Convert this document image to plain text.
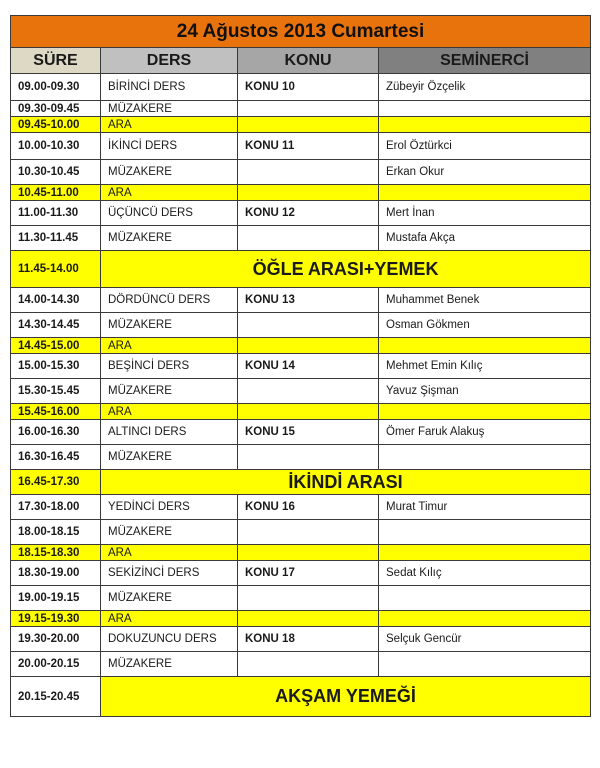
24 Ağustos 2013 Cumartesi			
SÜRE	DERS	KONU	SEMİNERCİ
09.00-09.30	BİRİNCİ DERS	KONU 10	Zübeyir Özçelik
09.30-09.45	MÜZAKERE		
09.45-10.00	ARA		
10.00-10.30	İKİNCİ DERS	KONU 11	Erol Öztürkci
10.30-10.45	MÜZAKERE		Erkan Okur
10.45-11.00	ARA		
11.00-11.30	ÜÇÜNCÜ DERS	KONU 12	Mert İnan
11.30-11.45	MÜZAKERE		Mustafa Akça
11.45-14.00	ÖĞLE ARASI+YEMEK		
14.00-14.30	DÖRDÜNCÜ DERS	KONU 13	Muhammet Benek
14.30-14.45	MÜZAKERE		Osman Gökmen
14.45-15.00	ARA		
15.00-15.30	BEŞİNCİ DERS	KONU 14	Mehmet Emin Kılıç
15.30-15.45	MÜZAKERE		Yavuz Şişman
15.45-16.00	ARA		
16.00-16.30	ALTINCI DERS	KONU 15	Ömer Faruk Alakuş
16.30-16.45	MÜZAKERE		
16.45-17.30	İKİNDİ ARASI		
17.30-18.00	YEDİNCİ DERS	KONU 16	Murat Timur
18.00-18.15	MÜZAKERE		
18.15-18.30	ARA		
18.30-19.00	SEKİZİNCİ DERS	KONU 17	Sedat Kılıç
19.00-19.15	MÜZAKERE		
19.15-19.30	ARA		
19.30-20.00	DOKUZUNCU DERS	KONU 18	Selçuk Gencür
20.00-20.15	MÜZAKERE		
20.15-20.45	AKŞAM YEMEĞİ		
